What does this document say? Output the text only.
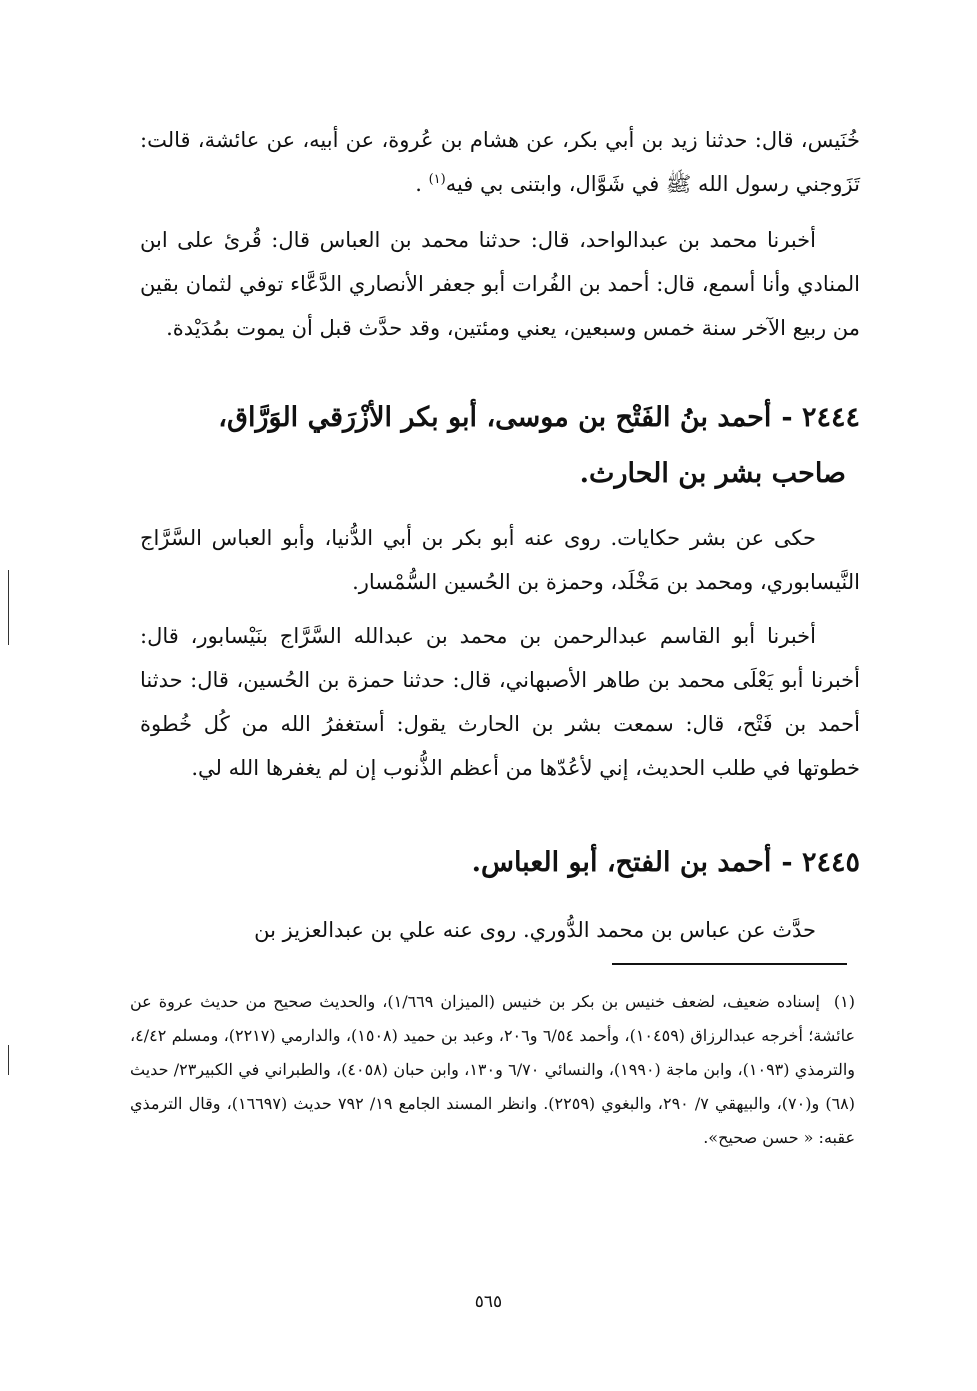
خُنَيس، قال: حدثنا زيد بن أبي بكر، عن هشام بن عُروة، عن أبيه، عن عائشة، قالت: تَزَوجني رسول الله ﷺ في شَوَّال، وابتنى بي فيه$^{(١)}$ .

أخبرنا محمد بن عبدالواحد، قال: حدثنا محمد بن العباس قال: قُرئ على ابن المنادي وأنا أسمع، قال: أحمد بن الفُرات أبو جعفر الأنصاري الدَّعَّاء توفي لثمان بقين من ربيع الآخر سنة خمس وسبعين، يعني ومئتين، وقد حدَّث قبل أن يموت بمُدَيْدة.

٢٤٤٤ -أحمد بنُ الفَتْح بن موسى، أبو بكر الأزْرَقي الوَرَّاق،
صاحب بشر بن الحارث.

حكى عن بشر حكايات. روى عنه أبو بكر بن أبي الدُّنيا، وأبو العباس السَّرَّاج النَّيسابوري، ومحمد بن مَخْلَد، وحمزة بن الحُسين السُّمْسار.

أخبرنا أبو القاسم عبدالرحمن بن محمد بن عبدالله السَّرَّاج بنَيْسابور، قال: أخبرنا أبو يَعْلَى محمد بن طاهر الأصبهاني، قال: حدثنا حمزة بن الحُسين، قال: حدثنا أحمد بن فَتْح، قال: سمعت بشر بن الحارث يقول: أستغفرُ الله من كُل خُطوة خطوتها في طلب الحديث، إني لأعُدّها من أعظم الذُّنوب إن لم يغفرها الله لي.

٢٤٤٥ -أحمد بن الفتح، أبو العباس.

حدَّث عن عباس بن محمد الدُّوري. روى عنه علي بن عبدالعزيز بن

(١)إسناده ضعيف، لضعف خنيس بن بكر بن خنيس (الميزان ١/٦٦٩)، والحديث صحيح من حديث عروة عن عائشة؛ أخرجه عبدالرزاق (١٠٤٥٩)، وأحمد ٦/٥٤ و٢٠٦، وعبد بن حميد (١٥٠٨)، والدارمي (٢٢١٧)، ومسلم ٤/٤٢، والترمذي (١٠٩٣)، وابن ماجة (١٩٩٠)، والنسائي ٦/٧٠ و١٣٠، وابن حبان (٤٠٥٨)، والطبراني في الكبير٢٣/ حديث (٦٨) و(٧٠)، والبيهقي ٧/ ٢٩٠، والبغوي (٢٢٥٩). وانظر المسند الجامع ١٩/ ٧٩٢ حديث (١٦٦٩٧)، وقال الترمذي عقبه: « حسن صحيح».
٥٦٥
